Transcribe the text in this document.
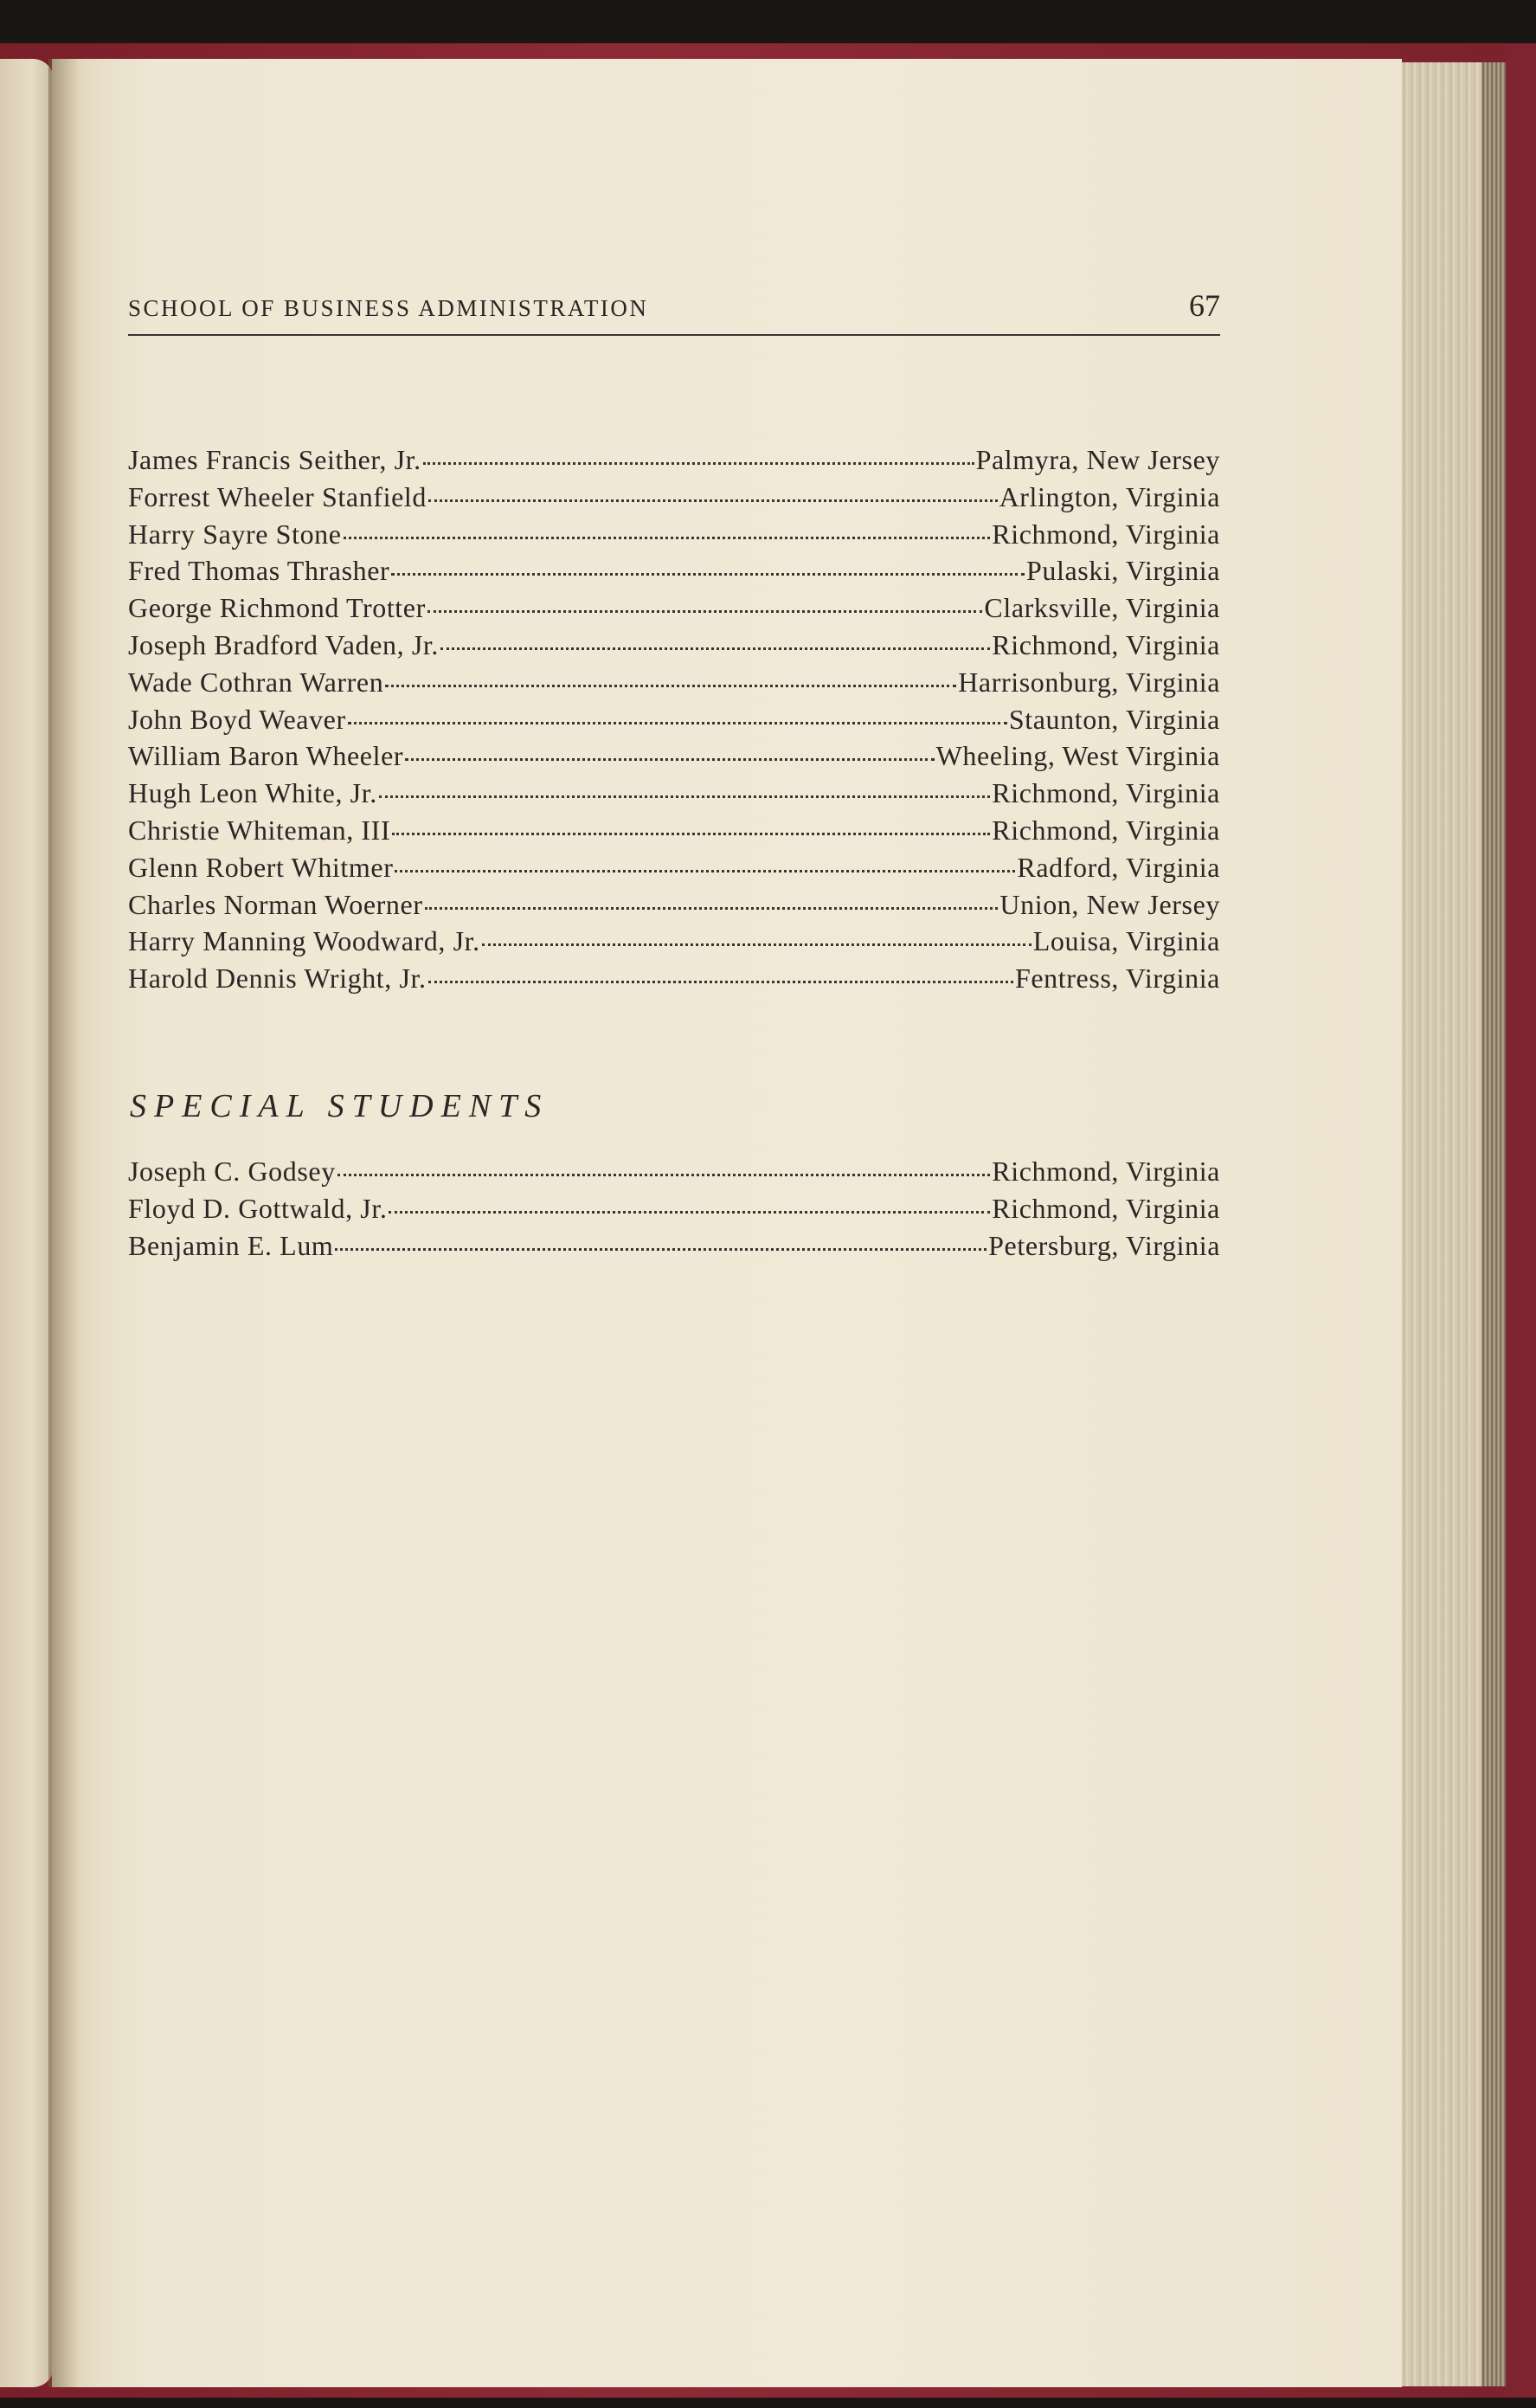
SCHOOL OF BUSINESS ADMINISTRATION	67
James Francis Seither, Jr.	Palmyra, New Jersey
Forrest Wheeler Stanfield	Arlington, Virginia
Harry Sayre Stone	Richmond, Virginia
Fred Thomas Thrasher	Pulaski, Virginia
George Richmond Trotter	Clarksville, Virginia
Joseph Bradford Vaden, Jr.	Richmond, Virginia
Wade Cothran Warren	Harrisonburg, Virginia
John Boyd Weaver	Staunton, Virginia
William Baron Wheeler	Wheeling, West Virginia
Hugh Leon White, Jr.	Richmond, Virginia
Christie Whiteman, III	Richmond, Virginia
Glenn Robert Whitmer	Radford, Virginia
Charles Norman Woerner	Union, New Jersey
Harry Manning Woodward, Jr.	Louisa, Virginia
Harold Dennis Wright, Jr.	Fentress, Virginia
SPECIAL STUDENTS
Joseph C. Godsey	Richmond, Virginia
Floyd D. Gottwald, Jr.	Richmond, Virginia
Benjamin E. Lum	Petersburg, Virginia
